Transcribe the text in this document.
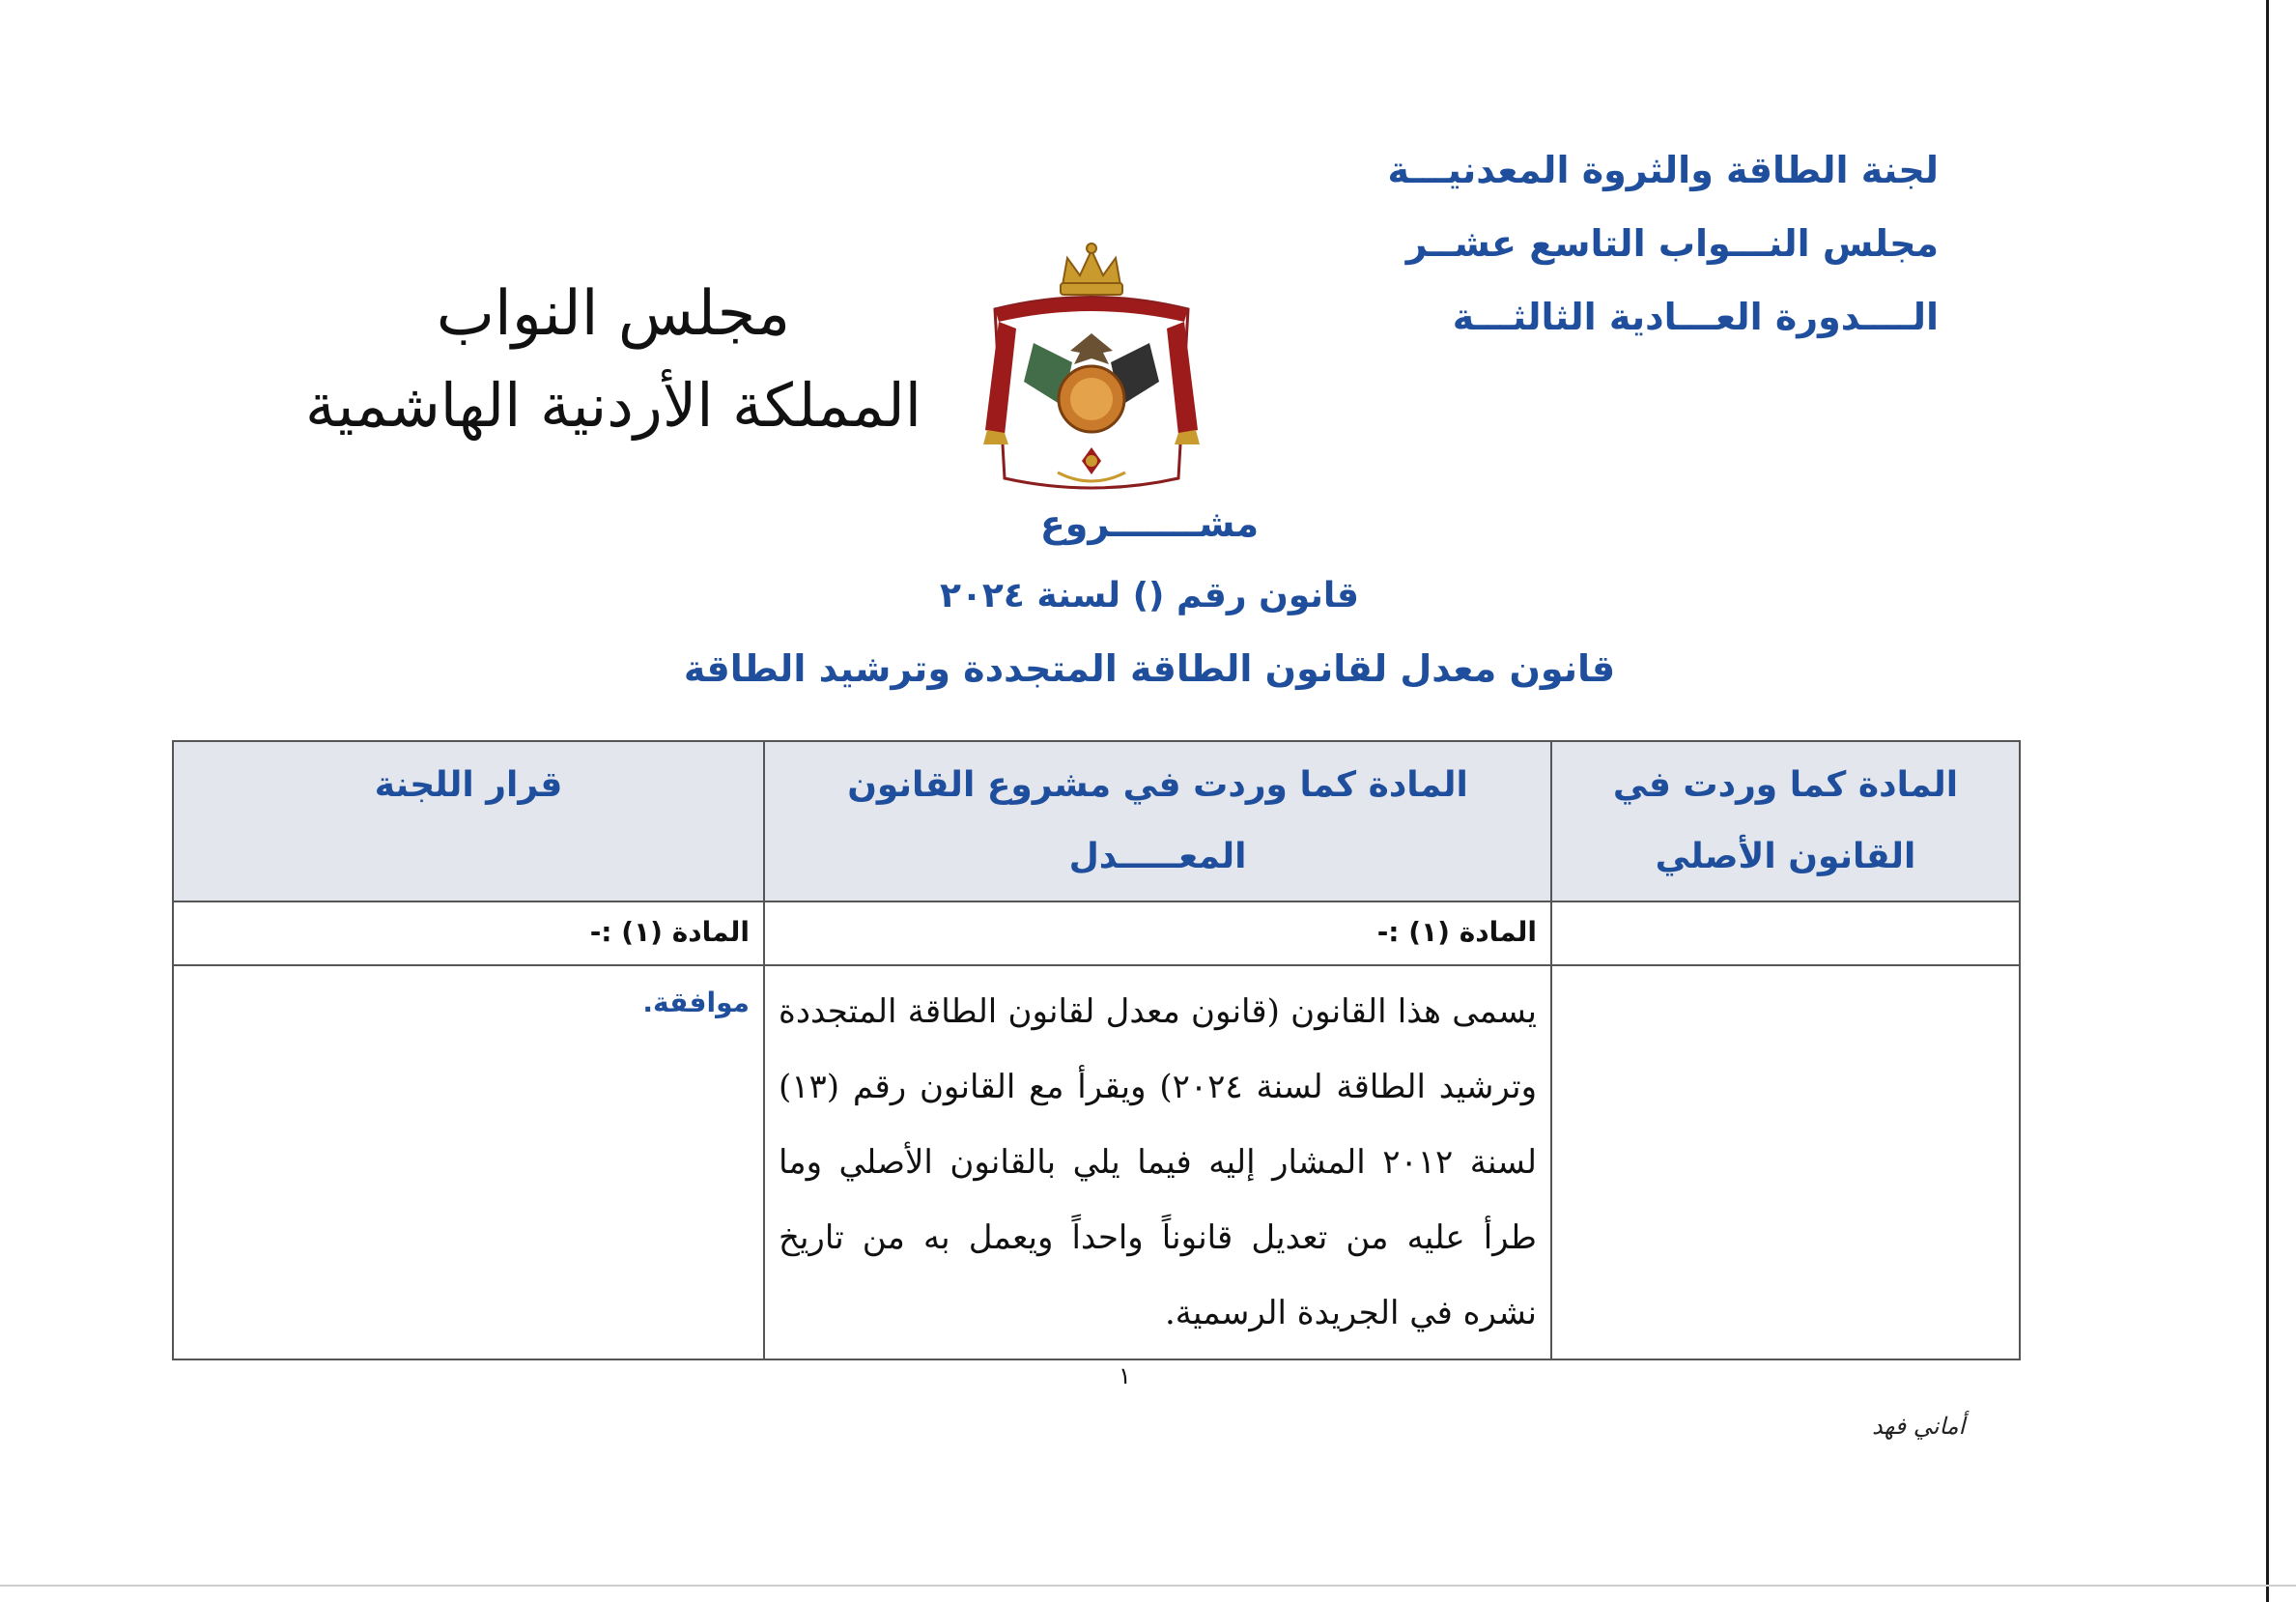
لجنة الطاقة والثروة المعدنيـــة
مجلس النـــواب التاسع عشــر
الــــدورة العـــادية الثالثـــة
مجلس النواب
المملكة الأردنية الهاشمية
مشـــــــروع
قانون رقم () لسنة ٢٠٢٤
قانون معدل لقانون الطاقة المتجددة وترشيد الطاقة
المادة كما وردت في القانون الأصلي	المادة كما وردت في مشروع القانون المعـــــدل	قرار اللجنة
	المادة (١) :-	المادة (١) :-

	يسمى هذا القانون (قانون معدل لقانون الطاقة المتجددة وترشيد الطاقة لسنة ٢٠٢٤) ويقرأ مع القانون رقم (١٣) لسنة ٢٠١٢ المشار إليه فيما يلي بالقانون الأصلي وما طرأ عليه من تعديل قانوناً واحداً ويعمل به من تاريخ نشره في الجريدة الرسمية.	موافقة.
١
أماني فهد
